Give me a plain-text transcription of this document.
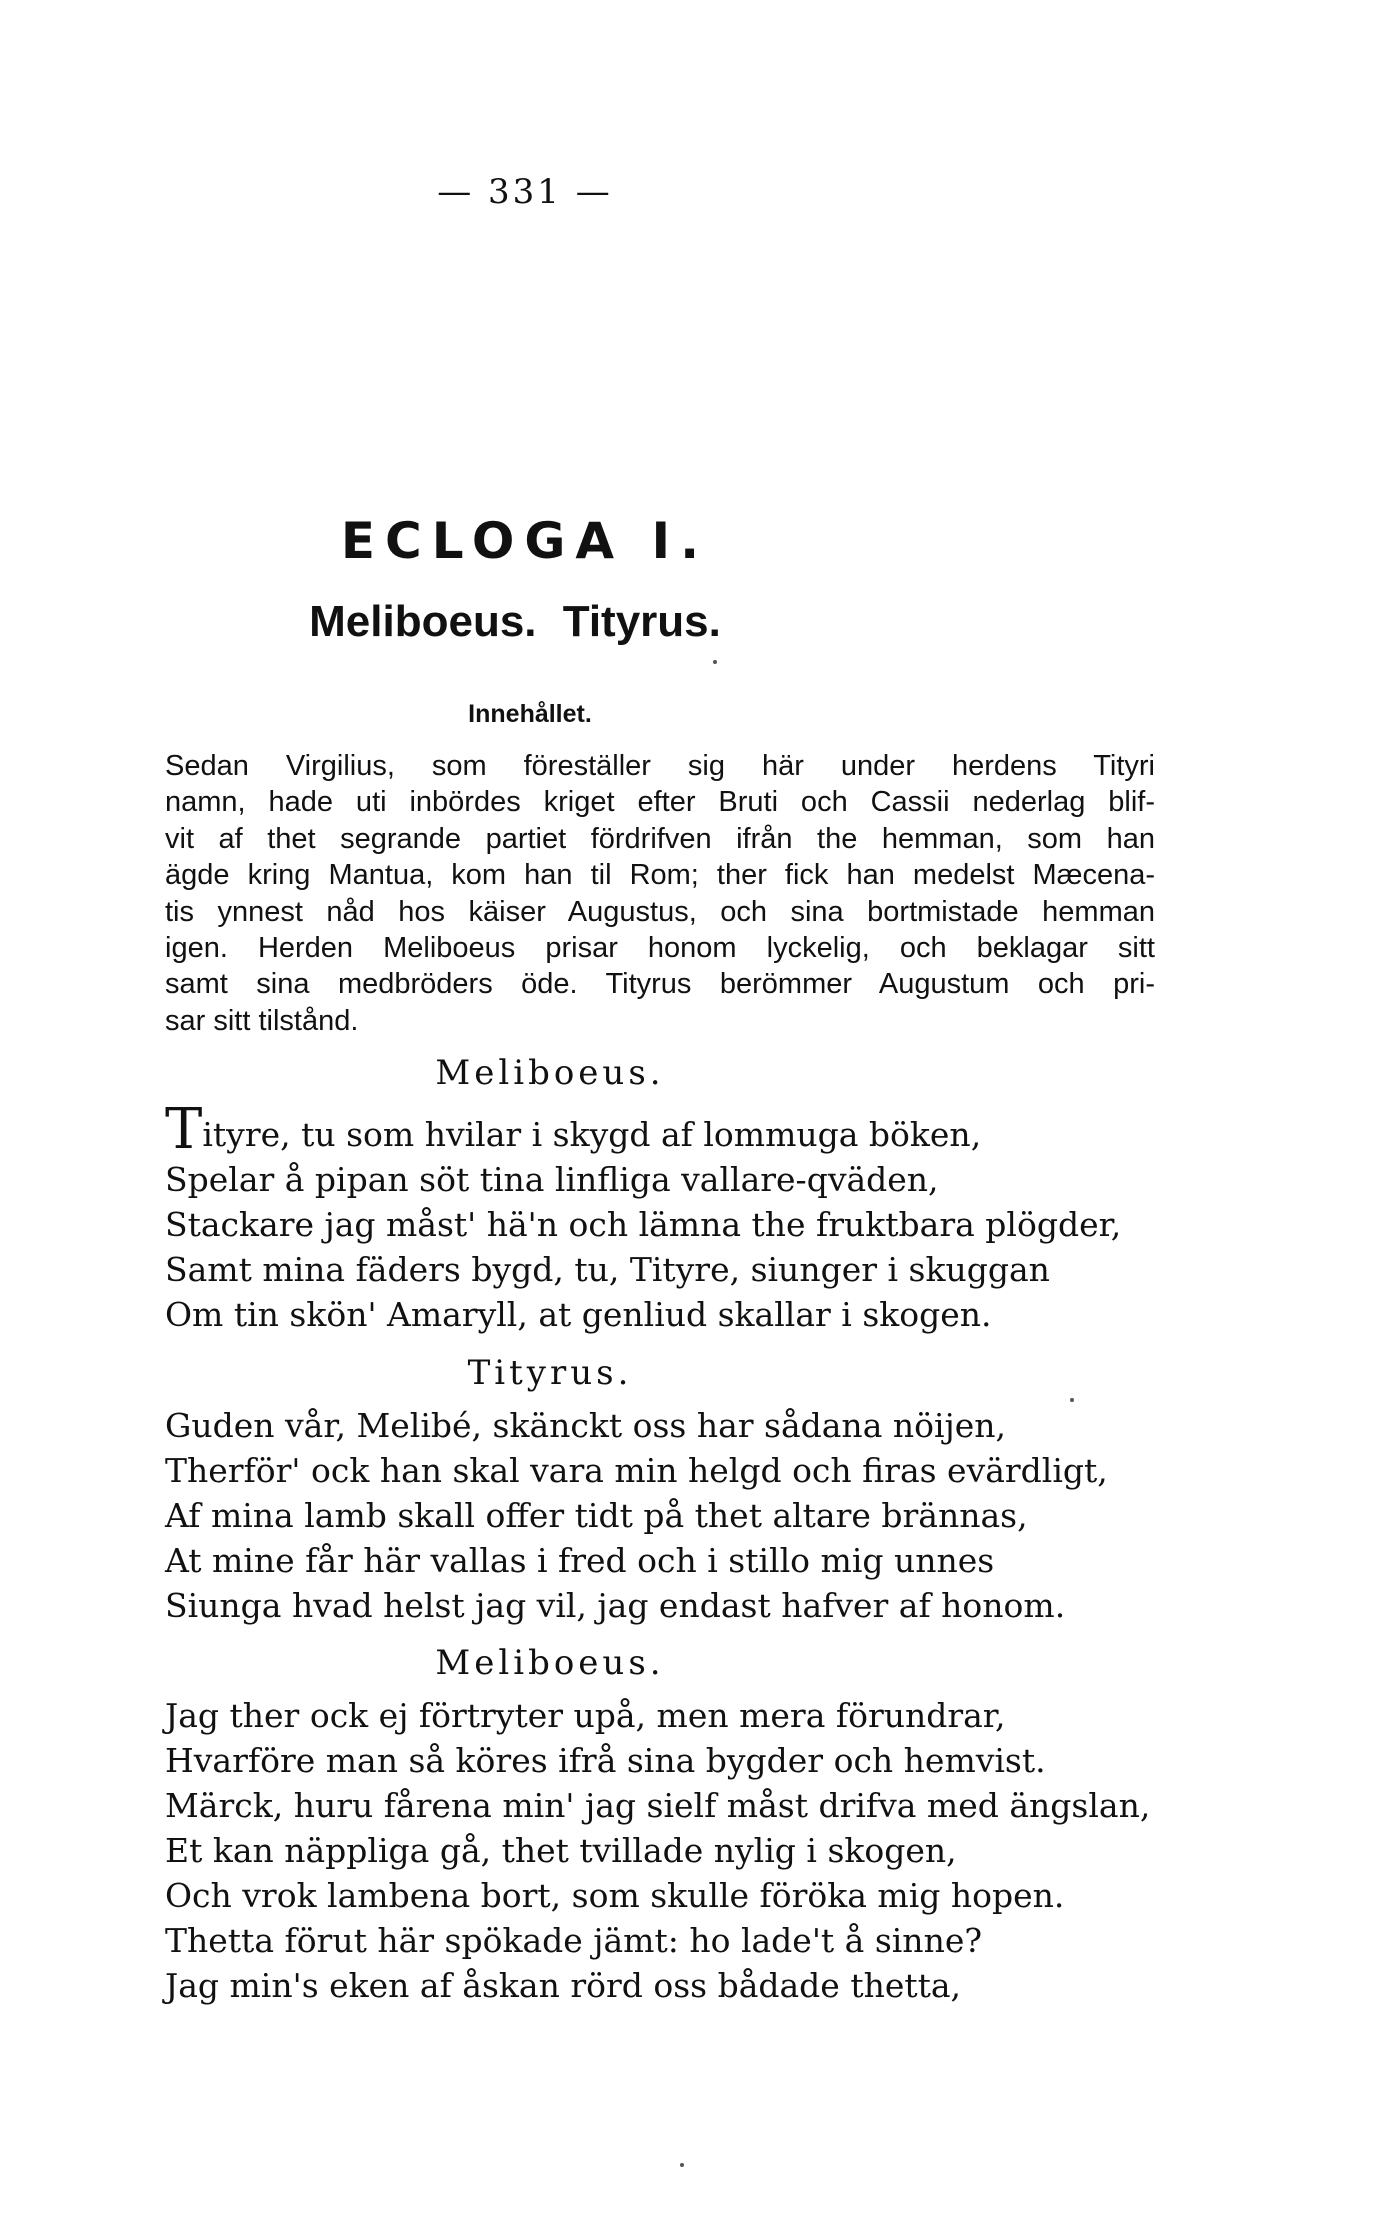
— 331 —
ECLOGA I.
Meliboeus. Tityrus.
Innehållet.
Sedan Virgilius, som föreställer sig här under herdens Tityri
namn, hade uti inbördes kriget efter Bruti och Cassii nederlag blif-
vit af thet segrande partiet fördrifven ifrån the hemman, som han
ägde kring Mantua, kom han til Rom; ther fick han medelst Mæcena-
tis ynnest nåd hos käiser Augustus, och sina bortmistade hemman
igen. Herden Meliboeus prisar honom lyckelig, och beklagar sitt
samt sina medbröders öde. Tityrus berömmer Augustum och pri-
sar sitt tilstånd.
Meliboeus.
Tityre, tu som hvilar i skygd af lommuga böken,
Spelar å pipan söt tina linfliga vallare-qväden,
Stackare jag måst' hä'n och lämna the fruktbara plögder,
Samt mina fäders bygd, tu, Tityre, siunger i skuggan
Om tin skön' Amaryll, at genliud skallar i skogen.
Tityrus.
Guden vår, Melibé, skänckt oss har sådana nöijen,
Therför' ock han skal vara min helgd och firas evärdligt,
Af mina lamb skall offer tidt på thet altare brännas,
At mine får här vallas i fred och i stillo mig unnes
Siunga hvad helst jag vil, jag endast hafver af honom.
Meliboeus.
Jag ther ock ej förtryter upå, men mera förundrar,
Hvarföre man så köres ifrå sina bygder och hemvist.
Märck, huru fårena min' jag sielf måst drifva med ängslan,
Et kan näppliga gå, thet tvillade nylig i skogen,
Och vrok lambena bort, som skulle föröka mig hopen.
Thetta förut här spökade jämt: ho lade't å sinne?
Jag min's eken af åskan rörd oss bådade thetta,
